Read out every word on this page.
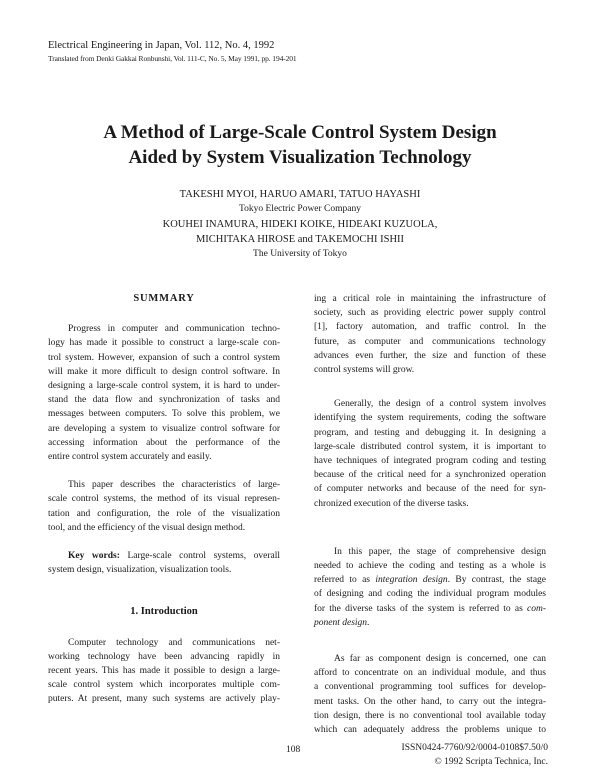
Electrical Engineering in Japan, Vol. 112, No. 4, 1992
Translated from Denki Gakkai Ronbunshi, Vol. 111-C, No. 5, May 1991, pp. 194-201
A Method of Large-Scale Control System Design
Aided by System Visualization Technology
TAKESHI MYOI, HARUO AMARI, TATUO HAYASHI
Tokyo Electric Power Company
KOUHEI INAMURA, HIDEKI KOIKE, HIDEAKI KUZUOLA,
MICHITAKA HIROSE and TAKEMOCHI ISHII
The University of Tokyo
SUMMARY

Progress in computer and communication techno-
logy has made it possible to construct a large-scale con-
trol system. However, expansion of such a control system
will make it more difficult to design control software. In
designing a large-scale control system, it is hard to under-
stand the data flow and synchronization of tasks and
messages between computers. To solve this problem, we
are developing a system to visualize control software for
accessing information about the performance of the
entire control system accurately and easily.

This paper describes the characteristics of large-
scale control systems, the method of its visual represen-
tation and configuration, the role of the visualization
tool, and the efficiency of the visual design method.

Key words: Large-scale control systems, overall
system design, visualization, visualization tools.

1. Introduction

Computer technology and communications net-
working technology have been advancing rapidly in
recent years. This has made it possible to design a large-
scale control system which incorporates multiple com-
puters. At present, many such systems are actively play-

ing a critical role in maintaining the infrastructure of
society, such as providing electric power supply control
[1], factory automation, and traffic control. In the
future, as computer and communications technology
advances even further, the size and function of these
control systems will grow.

Generally, the design of a control system involves
identifying the system requirements, coding the software
program, and testing and debugging it. In designing a
large-scale distributed control system, it is important to
have techniques of integrated program coding and testing
because of the critical need for a synchronized operation
of computer networks and because of the need for syn-
chronized execution of the diverse tasks.

In this paper, the stage of comprehensive design
needed to achieve the coding and testing as a whole is
referred to as integration design. By contrast, the stage
of designing and coding the individual program modules
for the diverse tasks of the system is referred to as com-
ponent design.

As far as component design is concerned, one can
afford to concentrate on an individual module, and thus
a conventional programming tool suffices for develop-
ment tasks. On the other hand, to carry out the integra-
tion design, there is no conventional tool available today
which can adequately address the problems unique to

108	ISSN0424-7760/92/0004-0108$7.50/0
© 1992 Scripta Technica, Inc.
